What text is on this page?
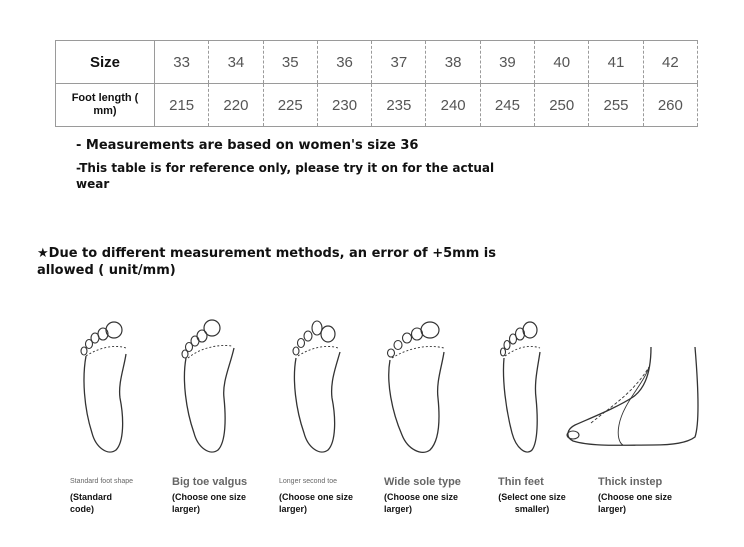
Size	33	34	35	36	37	38	39	40	41	42
Foot length ( mm)	215	220	225	230	235	240	245	250	255	260
- Measurements are based on women's size 36
-This table is for reference only, please try it on for the actual wear
★Due to different measurement methods, an error of +5mm is allowed ( unit/mm)
Standard foot shape	Big toe valgus	Longer second toe	Wide sole type	Thin feet	Thick instep
(Standard code)
(Choose one size larger)
(Choose one size larger)
(Choose one size larger)
(Select one size smaller)
(Choose one size larger)
